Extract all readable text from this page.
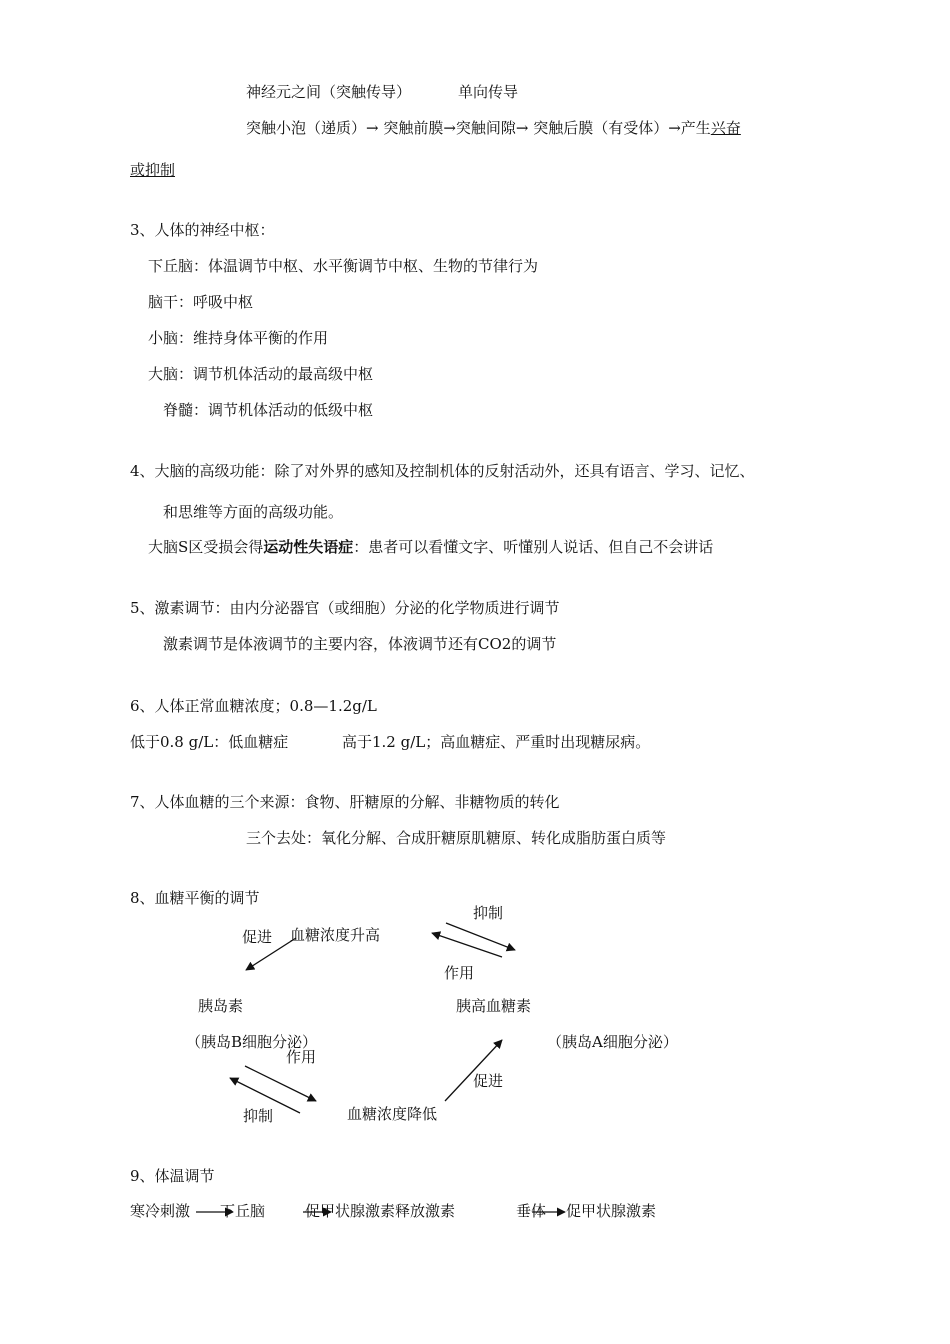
神经元之间（突触传导）	单向传导
突触小泡（递质）→ 突触前膜→突触间隙→ 突触后膜（有受体）→产生兴奋
或抑制
3、人体的神经中枢：
下丘脑：体温调节中枢、水平衡调节中枢、生物的节律行为
脑干：呼吸中枢
小脑：维持身体平衡的作用
大脑：调节机体活动的最高级中枢
脊髓：调节机体活动的低级中枢
4、大脑的高级功能：除了对外界的感知及控制机体的反射活动外，还具有语言、学习、记忆、
和思维等方面的高级功能。
大脑S区受损会得运动性失语症：患者可以看懂文字、听懂别人说话、但自己不会讲话
5、激素调节：由内分泌器官（或细胞）分泌的化学物质进行调节
激素调节是体液调节的主要内容，体液调节还有CO2的调节
6、人体正常血糖浓度；0.8—1.2g/L
低于0.8 g/L：低血糖症	高于1.2 g/L；高血糖症、严重时出现糖尿病。
7、人体血糖的三个来源：食物、肝糖原的分解、非糖物质的转化
三个去处：氧化分解、合成肝糖原肌糖原、转化成脂肪蛋白质等
8、血糖平衡的调节
促进 血糖浓度升高
抑制
作用
胰岛素	胰高血糖素
（胰岛B细胞分泌）	（胰岛A细胞分泌）
作用
促进
抑制	血糖浓度降低
9、体温调节
寒冷刺激 下丘脑	促甲状腺激素释放激素	垂体 促甲状腺激素
